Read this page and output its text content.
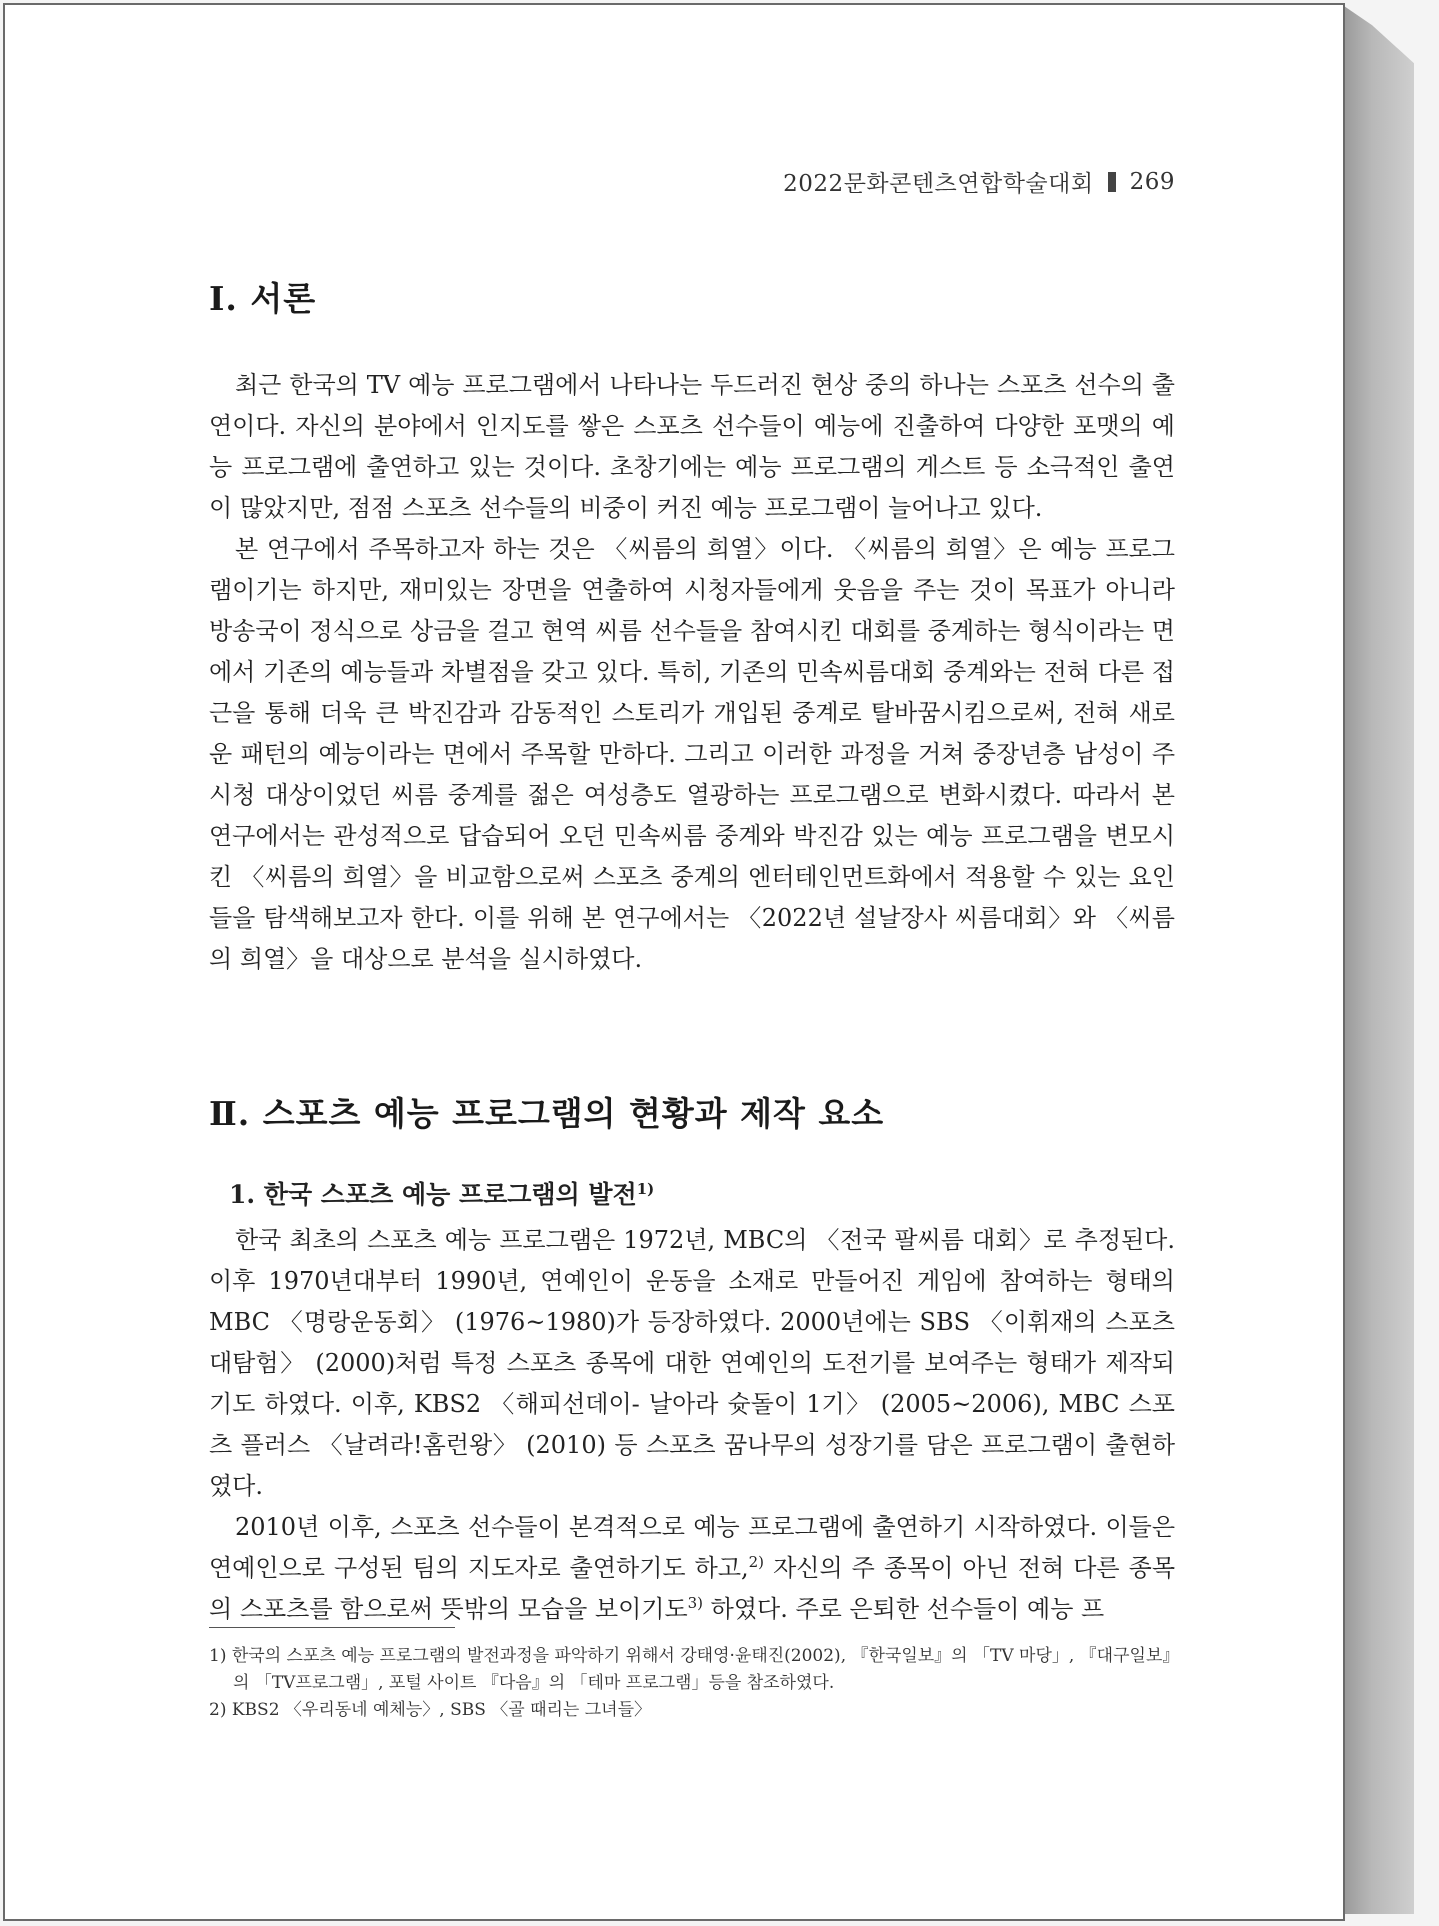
2022문화콘텐츠연합학술대회 269
Ⅰ. 서론

최근 한국의 TV 예능 프로그램에서 나타나는 두드러진 현상 중의 하나는 스포츠 선수의 출연이다. 자신의 분야에서 인지도를 쌓은 스포츠 선수들이 예능에 진출하여 다양한 포맷의 예능 프로그램에 출연하고 있는 것이다. 초창기에는 예능 프로그램의 게스트 등 소극적인 출연이 많았지만, 점점 스포츠 선수들의 비중이 커진 예능 프로그램이 늘어나고 있다.

본 연구에서 주목하고자 하는 것은 〈씨름의 희열〉이다. 〈씨름의 희열〉은 예능 프로그램이기는 하지만, 재미있는 장면을 연출하여 시청자들에게 웃음을 주는 것이 목표가 아니라 방송국이 정식으로 상금을 걸고 현역 씨름 선수들을 참여시킨 대회를 중계하는 형식이라는 면에서 기존의 예능들과 차별점을 갖고 있다. 특히, 기존의 민속씨름대회 중계와는 전혀 다른 접근을 통해 더욱 큰 박진감과 감동적인 스토리가 개입된 중계로 탈바꿈시킴으로써, 전혀 새로운 패턴의 예능이라는 면에서 주목할 만하다. 그리고 이러한 과정을 거쳐 중장년층 남성이 주 시청 대상이었던 씨름 중계를 젊은 여성층도 열광하는 프로그램으로 변화시켰다. 따라서 본 연구에서는 관성적으로 답습되어 오던 민속씨름 중계와 박진감 있는 예능 프로그램을 변모시킨 〈씨름의 희열〉을 비교함으로써 스포츠 중계의 엔터테인먼트화에서 적용할 수 있는 요인들을 탐색해보고자 한다. 이를 위해 본 연구에서는 〈2022년 설날장사 씨름대회〉와 〈씨름의 희열〉을 대상으로 분석을 실시하였다.

Ⅱ. 스포츠 예능 프로그램의 현황과 제작 요소
1. 한국 스포츠 예능 프로그램의 발전$^{1)}$

한국 최초의 스포츠 예능 프로그램은 1972년, MBC의 〈전국 팔씨름 대회〉로 추정된다. 이후 1970년대부터 1990년, 연예인이 운동을 소재로 만들어진 게임에 참여하는 형태의 MBC 〈명랑운동회〉 (1976~1980)가 등장하였다. 2000년에는 SBS 〈이휘재의 스포츠 대탐험〉 (2000)처럼 특정 스포츠 종목에 대한 연예인의 도전기를 보여주는 형태가 제작되기도 하였다. 이후, KBS2 〈해피선데이- 날아라 슛돌이 1기〉 (2005~2006), MBC 스포츠 플러스 〈날려라!홈런왕〉 (2010) 등 스포츠 꿈나무의 성장기를 담은 프로그램이 출현하였다.

2010년 이후, 스포츠 선수들이 본격적으로 예능 프로그램에 출연하기 시작하였다. 이들은 연예인으로 구성된 팀의 지도자로 출연하기도 하고,$^{2)}$ 자신의 주 종목이 아닌 전혀 다른 종목의 스포츠를 함으로써 뜻밖의 모습을 보이기도$^{3)}$ 하였다. 주로 은퇴한 선수들이 예능 프

1) 한국의 스포츠 예능 프로그램의 발전과정을 파악하기 위해서 강태영·윤태진(2002), 『한국일보』의 「TV 마당」, 『대구일보』의 「TV프로그램」, 포털 사이트 『다음』의 「테마 프로그램」등을 참조하였다.

2) KBS2 〈우리동네 예체능〉, SBS 〈골 때리는 그녀들〉
